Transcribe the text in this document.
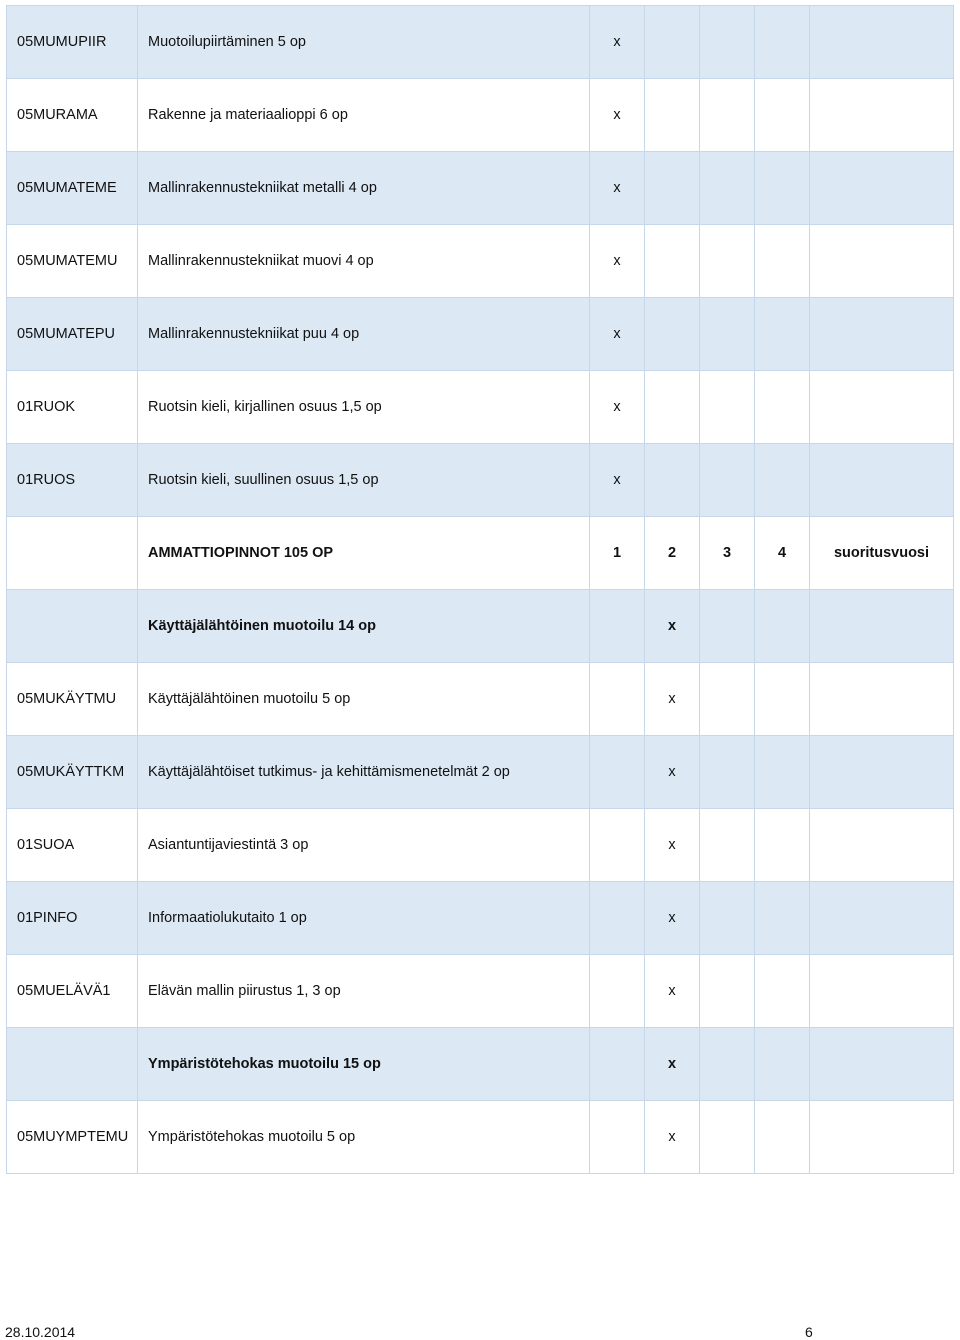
05MUMUPIIR	Muotoilupiirtäminen 5 op	x				
05MURAMA	Rakenne ja materiaalioppi 6 op	x				
05MUMATEME	Mallinrakennustekniikat metalli 4 op	x				
05MUMATEMU	Mallinrakennustekniikat muovi 4 op	x				
05MUMATEPU	Mallinrakennustekniikat puu 4 op	x				
01RUOK	Ruotsin kieli, kirjallinen osuus 1,5 op	x				
01RUOS	Ruotsin kieli, suullinen osuus 1,5 op	x				
	AMMATTIOPINNOT 105 OP	1	2	3	4	suoritusvuosi
	Käyttäjälähtöinen muotoilu 14 op		x			
05MUKÄYTMU	Käyttäjälähtöinen muotoilu 5 op		x			
05MUKÄYTTKM	Käyttäjälähtöiset tutkimus- ja kehittämismenetelmät 2 op		x			
01SUOA	Asiantuntijaviestintä 3 op		x			
01PINFO	Informaatiolukutaito 1 op		x			
05MUELÄVÄ1	Elävän mallin piirustus 1, 3 op		x			
	Ympäristötehokas muotoilu 15 op		x			
05MUYMPTEMU	Ympäristötehokas muotoilu 5 op		x			
28.10.2014	6
